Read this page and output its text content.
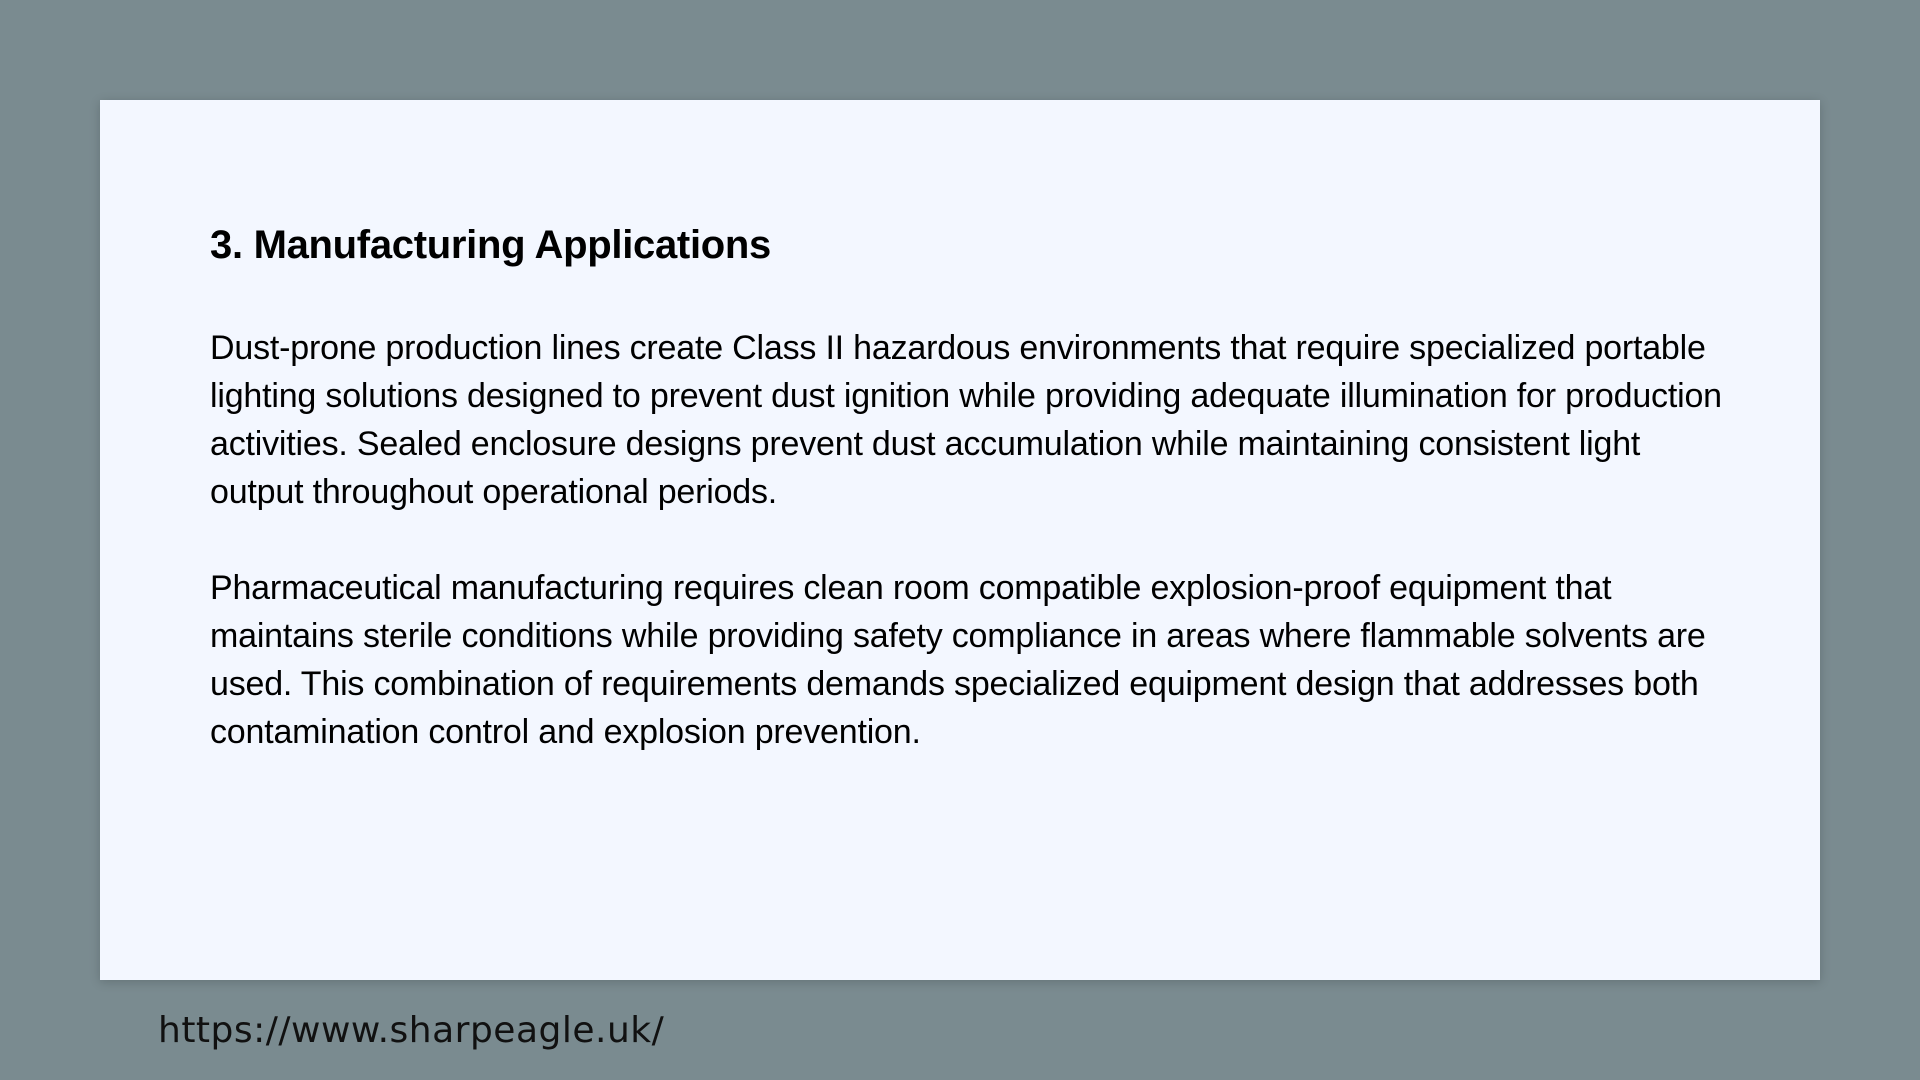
3. Manufacturing Applications

Dust-prone production lines create Class II hazardous environments that require specialized portable lighting solutions designed to prevent dust ignition while providing adequate illumination for production activities. Sealed enclosure designs prevent dust accumulation while maintaining consistent light output throughout operational periods.

Pharmaceutical manufacturing requires clean room compatible explosion-proof equipment that maintains sterile conditions while providing safety compliance in areas where flammable solvents are used. This combination of requirements demands specialized equipment design that addresses both contamination control and explosion prevention.

https://www.sharpeagle.uk/
